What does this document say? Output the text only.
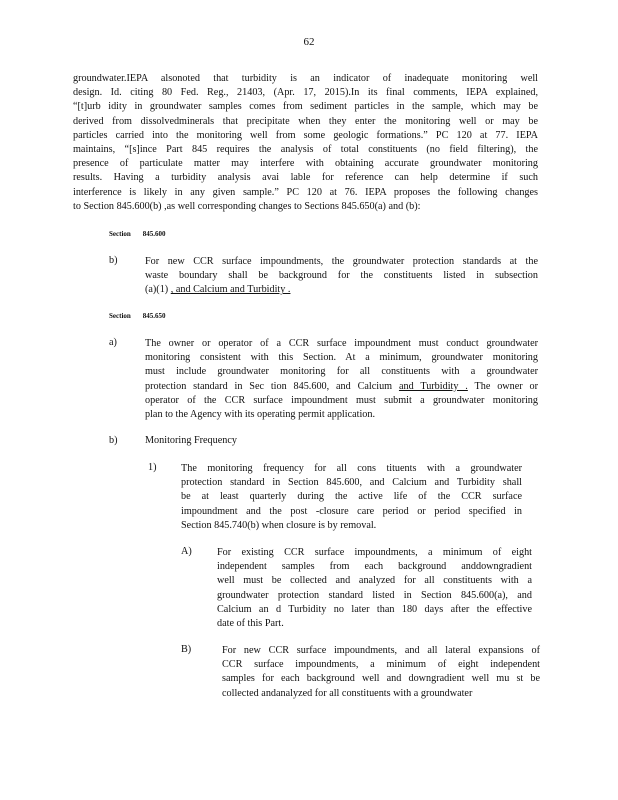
62
groundwater.IEPA alsonoted that turbidity is an indicator of inadequate monitoring well
design. Id. citing 80 Fed. Reg., 21403, (Apr. 17, 2015).In its final comments, IEPA explained,
“[t]urb idity in groundwater samples comes from sediment particles in the sample, which may be
derived from dissolvedminerals that precipitate when they enter the monitoring well or may be
particles carried into the monitoring well from some geologic formations.” PC 120 at 77. IEPA
maintains, “[s]ince Part 845 requires the analysis of total constituents (no field filtering), the
presence of particulate matter may interfere with obtaining accurate groundwater monitoring
results. Having a turbidity analysis avai lable for reference can help determine if such
interference is likely in any given sample.” PC 120 at 76. IEPA proposes the following changes
to Section 845.600(b) ,as well corresponding changes to Sections 845.650(a) and (b):
Section 845.600
b)	For new CCR surface impoundments, the groundwater protection standards at the
waste boundary shall be background for the constituents listed in subsection
(a)(1) , and Calcium and Turbidity .
Section 845.650
a)	The owner or operator of a CCR surface impoundment must conduct groundwater
monitoring consistent with this Section. At a minimum, groundwater monitoring
must include groundwater monitoring for all constituents with a groundwater
protection standard in Sec tion 845.600, and Calcium and Turbidity . The owner or
operator of the CCR surface impoundment must submit a groundwater monitoring
plan to the Agency with its operating permit application.
b)	Monitoring Frequency
1) The monitoring frequency for all cons tituents with a groundwater
protection standard in Section 845.600, and Calcium and Turbidity shall
be at least quarterly during the active life of the CCR surface
impoundment and the post -closure care period or period specified in
Section 845.740(b) when closure is by removal.
A) For existing CCR surface impoundments, a minimum of eight
independent samples from each background anddowngradient
well must be collected and analyzed for all constituents with a
groundwater protection standard listed in Section 845.600(a), and
Calcium an d Turbidity no later than 180 days after the effective
date of this Part.
B)	For new CCR surface impoundments, and all lateral expansions of
CCR surface impoundments, a minimum of eight independent
samples for each background well and downgradient well mu st be
collected andanalyzed for all constituents with a groundwater
